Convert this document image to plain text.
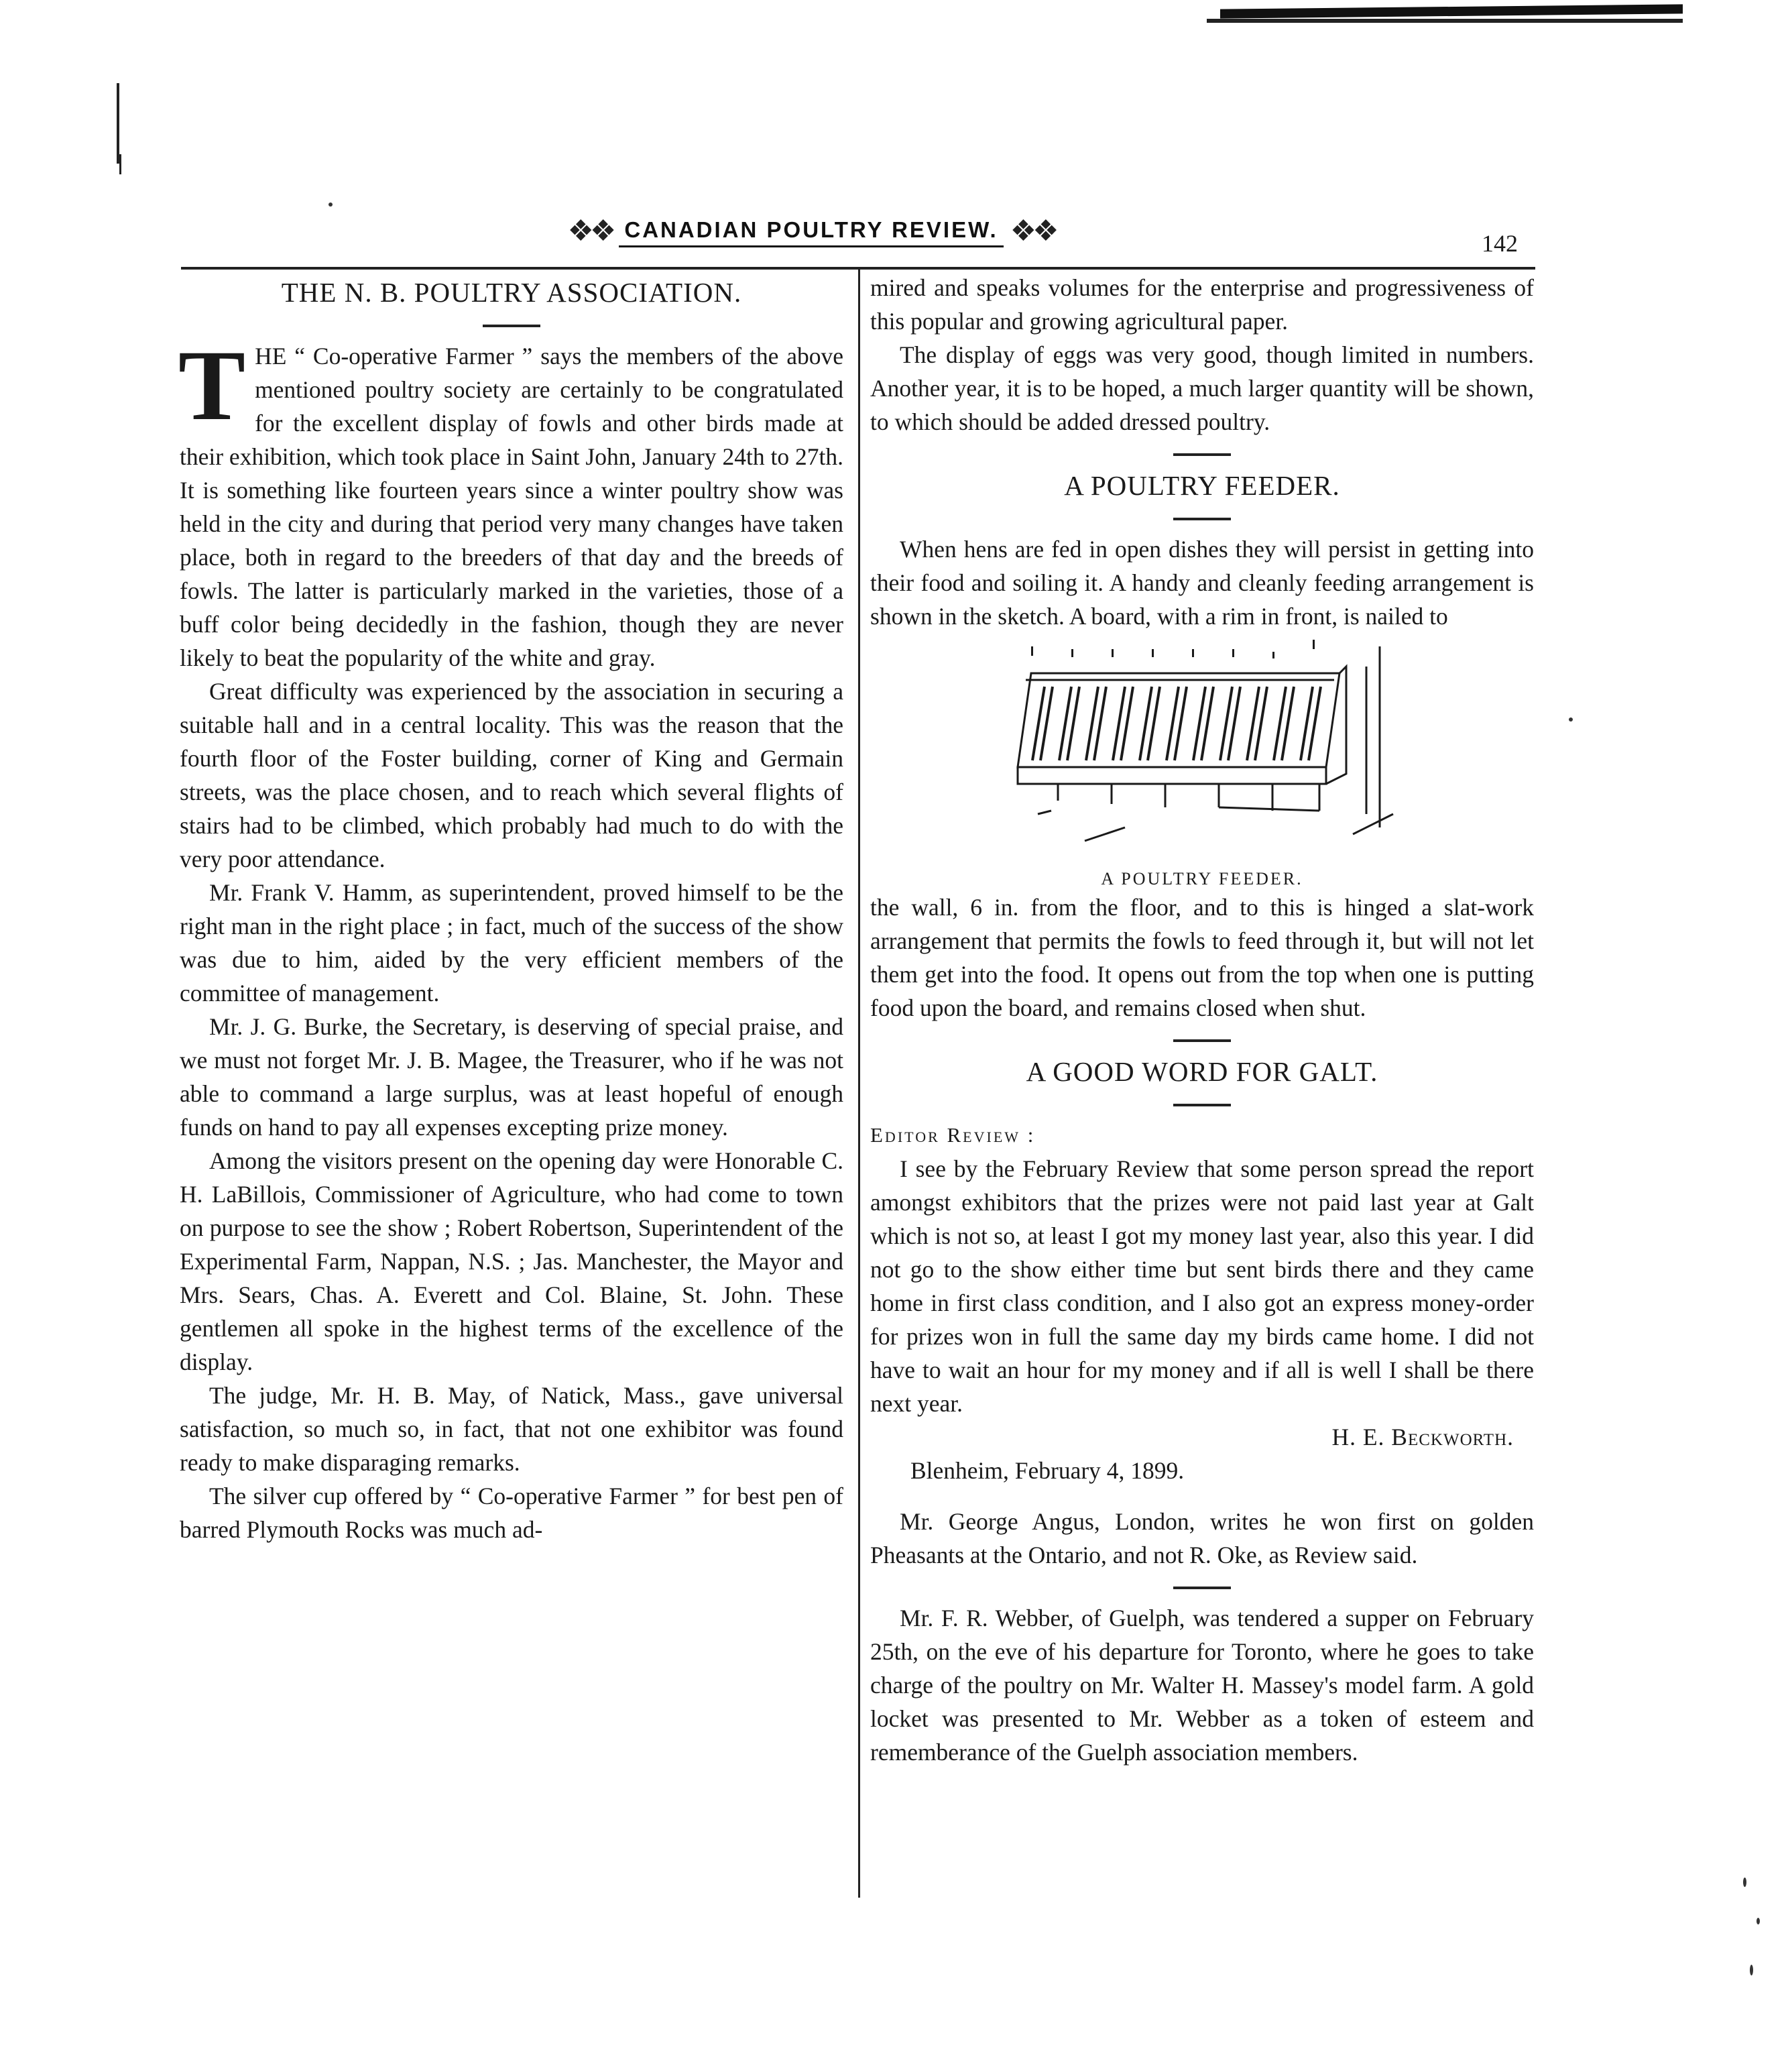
❖❖ CANADIAN POULTRY REVIEW. ❖❖	142
THE N. B. POULTRY ASSOCIATION.
T HE “ Co-operative Farmer ” says the members of the above mentioned poultry society are certainly to be congratulated for the excellent display of fowls and other birds made at their exhibition, which took place in Saint John, January 24th to 27th. It is something like fourteen years since a winter poultry show was held in the city and during that period very many changes have taken place, both in regard to the breeders of that day and the breeds of fowls. The latter is particularly marked in the varieties, those of a buff color being decidedly in the fashion, though they are never likely to beat the popularity of the white and gray.

Great difficulty was experienced by the association in securing a suitable hall and in a central locality. This was the reason that the fourth floor of the Foster building, corner of King and Germain streets, was the place chosen, and to reach which several flights of stairs had to be climbed, which probably had much to do with the very poor attendance.

Mr. Frank V. Hamm, as superintendent, proved himself to be the right man in the right place ; in fact, much of the success of the show was due to him, aided by the very efficient members of the committee of management.

Mr. J. G. Burke, the Secretary, is deserving of special praise, and we must not forget Mr. J. B. Magee, the Treasurer, who if he was not able to command a large surplus, was at least hopeful of enough funds on hand to pay all expenses excepting prize money.

Among the visitors present on the opening day were Honorable C. H. LaBillois, Commissioner of Agriculture, who had come to town on purpose to see the show ; Robert Robertson, Superintendent of the Experimental Farm, Nappan, N.S. ; Jas. Manchester, the Mayor and Mrs. Sears, Chas. A. Everett and Col. Blaine, St. John. These gentlemen all spoke in the highest terms of the excellence of the display.

The judge, Mr. H. B. May, of Natick, Mass., gave universal satisfaction, so much so, in fact, that not one exhibitor was found ready to make disparaging remarks.

The silver cup offered by “ Co-operative Farmer ” for best pen of barred Plymouth Rocks was much ad-

mired and speaks volumes for the enterprise and progressiveness of this popular and growing agricultural paper.

The display of eggs was very good, though limited in numbers. Another year, it is to be hoped, a much larger quantity will be shown, to which should be added dressed poultry.

A POULTRY FEEDER.

When hens are fed in open dishes they will persist in getting into their food and soiling it. A handy and cleanly feeding arrangement is shown in the sketch. A board, with a rim in front, is nailed to

A POULTRY FEEDER.

the wall, 6 in. from the floor, and to this is hinged a slat-work arrangement that permits the fowls to feed through it, but will not let them get into the food. It opens out from the top when one is putting food upon the board, and remains closed when shut.

A GOOD WORD FOR GALT.
Editor Review :

I see by the February Review that some person spread the report amongst exhibitors that the prizes were not paid last year at Galt which is not so, at least I got my money last year, also this year. I did not go to the show either time but sent birds there and they came home in first class condition, and I also got an express money-order for prizes won in full the same day my birds came home. I did not have to wait an hour for my money and if all is well I shall be there next year.

H. E. Beckworth.
Blenheim, February 4, 1899.

Mr. George Angus, London, writes he won first on golden Pheasants at the Ontario, and not R. Oke, as Review said.

Mr. F. R. Webber, of Guelph, was tendered a supper on February 25th, on the eve of his departure for Toronto, where he goes to take charge of the poultry on Mr. Walter H. Massey's model farm. A gold locket was presented to Mr. Webber as a token of esteem and rememberance of the Guelph association members.
